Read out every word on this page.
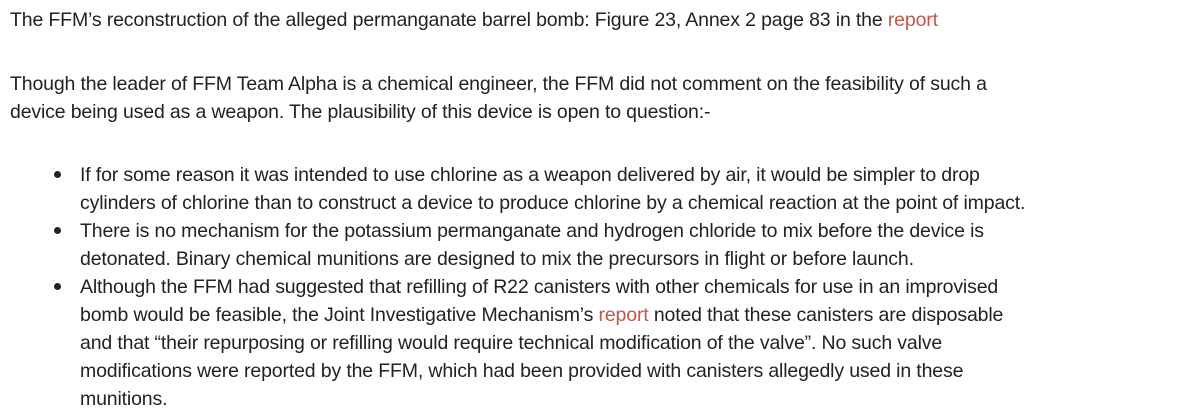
The FFM’s reconstruction of the alleged permanganate barrel bomb: Figure 23, Annex 2 page 83 in the report
Though the leader of FFM Team Alpha is a chemical engineer, the FFM did not comment on the feasibility of such a
device being used as a weapon. The plausibility of this device is open to question:-
If for some reason it was intended to use chlorine as a weapon delivered by air, it would be simpler to drop
cylinders of chlorine than to construct a device to produce chlorine by a chemical reaction at the point of impact.
There is no mechanism for the potassium permanganate and hydrogen chloride to mix before the device is
detonated. Binary chemical munitions are designed to mix the precursors in flight or before launch.
Although the FFM had suggested that refilling of R22 canisters with other chemicals for use in an improvised
bomb would be feasible, the Joint Investigative Mechanism’s report noted that these canisters are disposable
and that “their repurposing or refilling would require technical modification of the valve”. No such valve
modifications were reported by the FFM, which had been provided with canisters allegedly used in these
munitions.
